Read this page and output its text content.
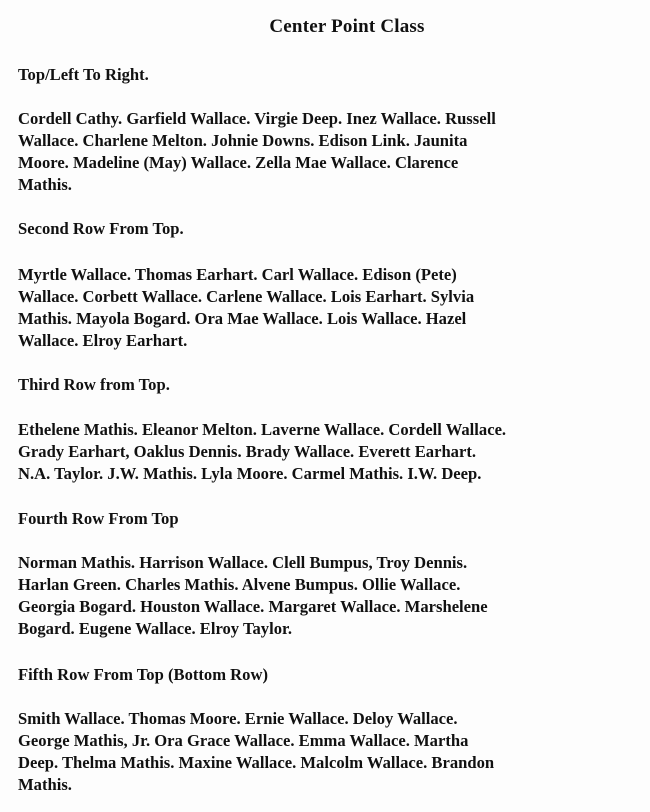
Center Point Class
Top/Left To Right.
Cordell Cathy. Garfield Wallace. Virgie Deep. Inez Wallace. Russell
Wallace. Charlene Melton. Johnie Downs. Edison Link. Jaunita
Moore. Madeline (May) Wallace. Zella Mae Wallace. Clarence
Mathis.
Second Row From Top.
Myrtle Wallace. Thomas Earhart. Carl Wallace. Edison (Pete)
Wallace. Corbett Wallace. Carlene Wallace. Lois Earhart. Sylvia
Mathis. Mayola Bogard. Ora Mae Wallace. Lois Wallace. Hazel
Wallace. Elroy Earhart.
Third Row from Top.
Ethelene Mathis. Eleanor Melton. Laverne Wallace. Cordell Wallace.
Grady Earhart, Oaklus Dennis. Brady Wallace. Everett Earhart.
N.A. Taylor. J.W. Mathis. Lyla Moore. Carmel Mathis. I.W. Deep.
Fourth Row From Top
Norman Mathis. Harrison Wallace. Clell Bumpus, Troy Dennis.
Harlan Green. Charles Mathis. Alvene Bumpus. Ollie Wallace.
Georgia Bogard. Houston Wallace. Margaret Wallace. Marshelene
Bogard. Eugene Wallace. Elroy Taylor.
Fifth Row From Top (Bottom Row)
Smith Wallace. Thomas Moore. Ernie Wallace. Deloy Wallace.
George Mathis, Jr. Ora Grace Wallace. Emma Wallace. Martha
Deep. Thelma Mathis. Maxine Wallace. Malcolm Wallace. Brandon
Mathis.
